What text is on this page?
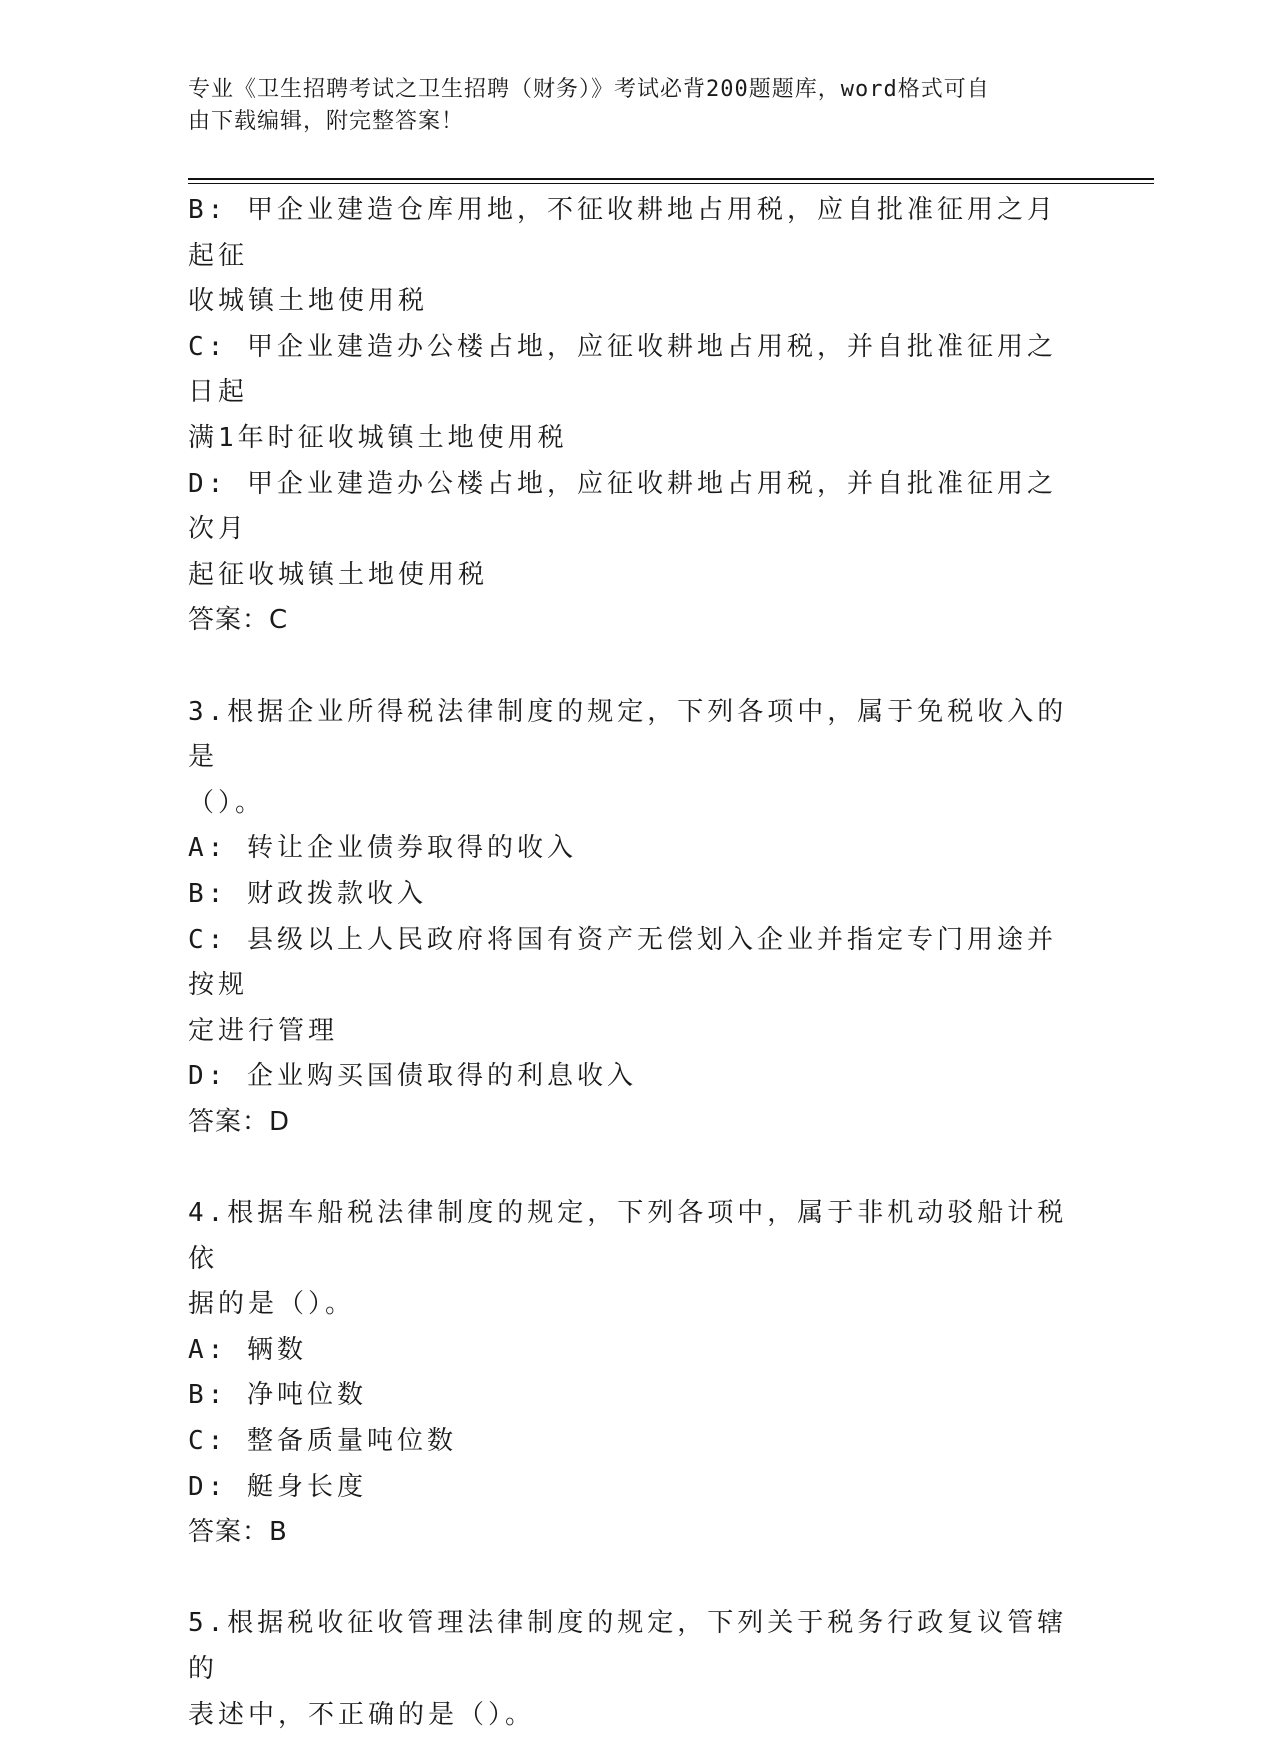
专业《卫生招聘考试之卫生招聘（财务）》考试必背200题题库，word格式可自
由下载编辑，附完整答案！
B: 甲企业建造仓库用地，不征收耕地占用税，应自批准征用之月起征
收城镇土地使用税
C: 甲企业建造办公楼占地，应征收耕地占用税，并自批准征用之日起
满1年时征收城镇土地使用税
D: 甲企业建造办公楼占地，应征收耕地占用税，并自批准征用之次月
起征收城镇土地使用税
答案：C
3.根据企业所得税法律制度的规定，下列各项中，属于免税收入的是
（）。
A: 转让企业债券取得的收入
B: 财政拨款收入
C: 县级以上人民政府将国有资产无偿划入企业并指定专门用途并按规
定进行管理
D: 企业购买国债取得的利息收入
答案：D
4.根据车船税法律制度的规定，下列各项中，属于非机动驳船计税依
据的是（）。
A: 辆数
B: 净吨位数
C: 整备质量吨位数
D: 艇身长度
答案：B
5.根据税收征收管理法律制度的规定，下列关于税务行政复议管辖的
表述中，不正确的是（）。
